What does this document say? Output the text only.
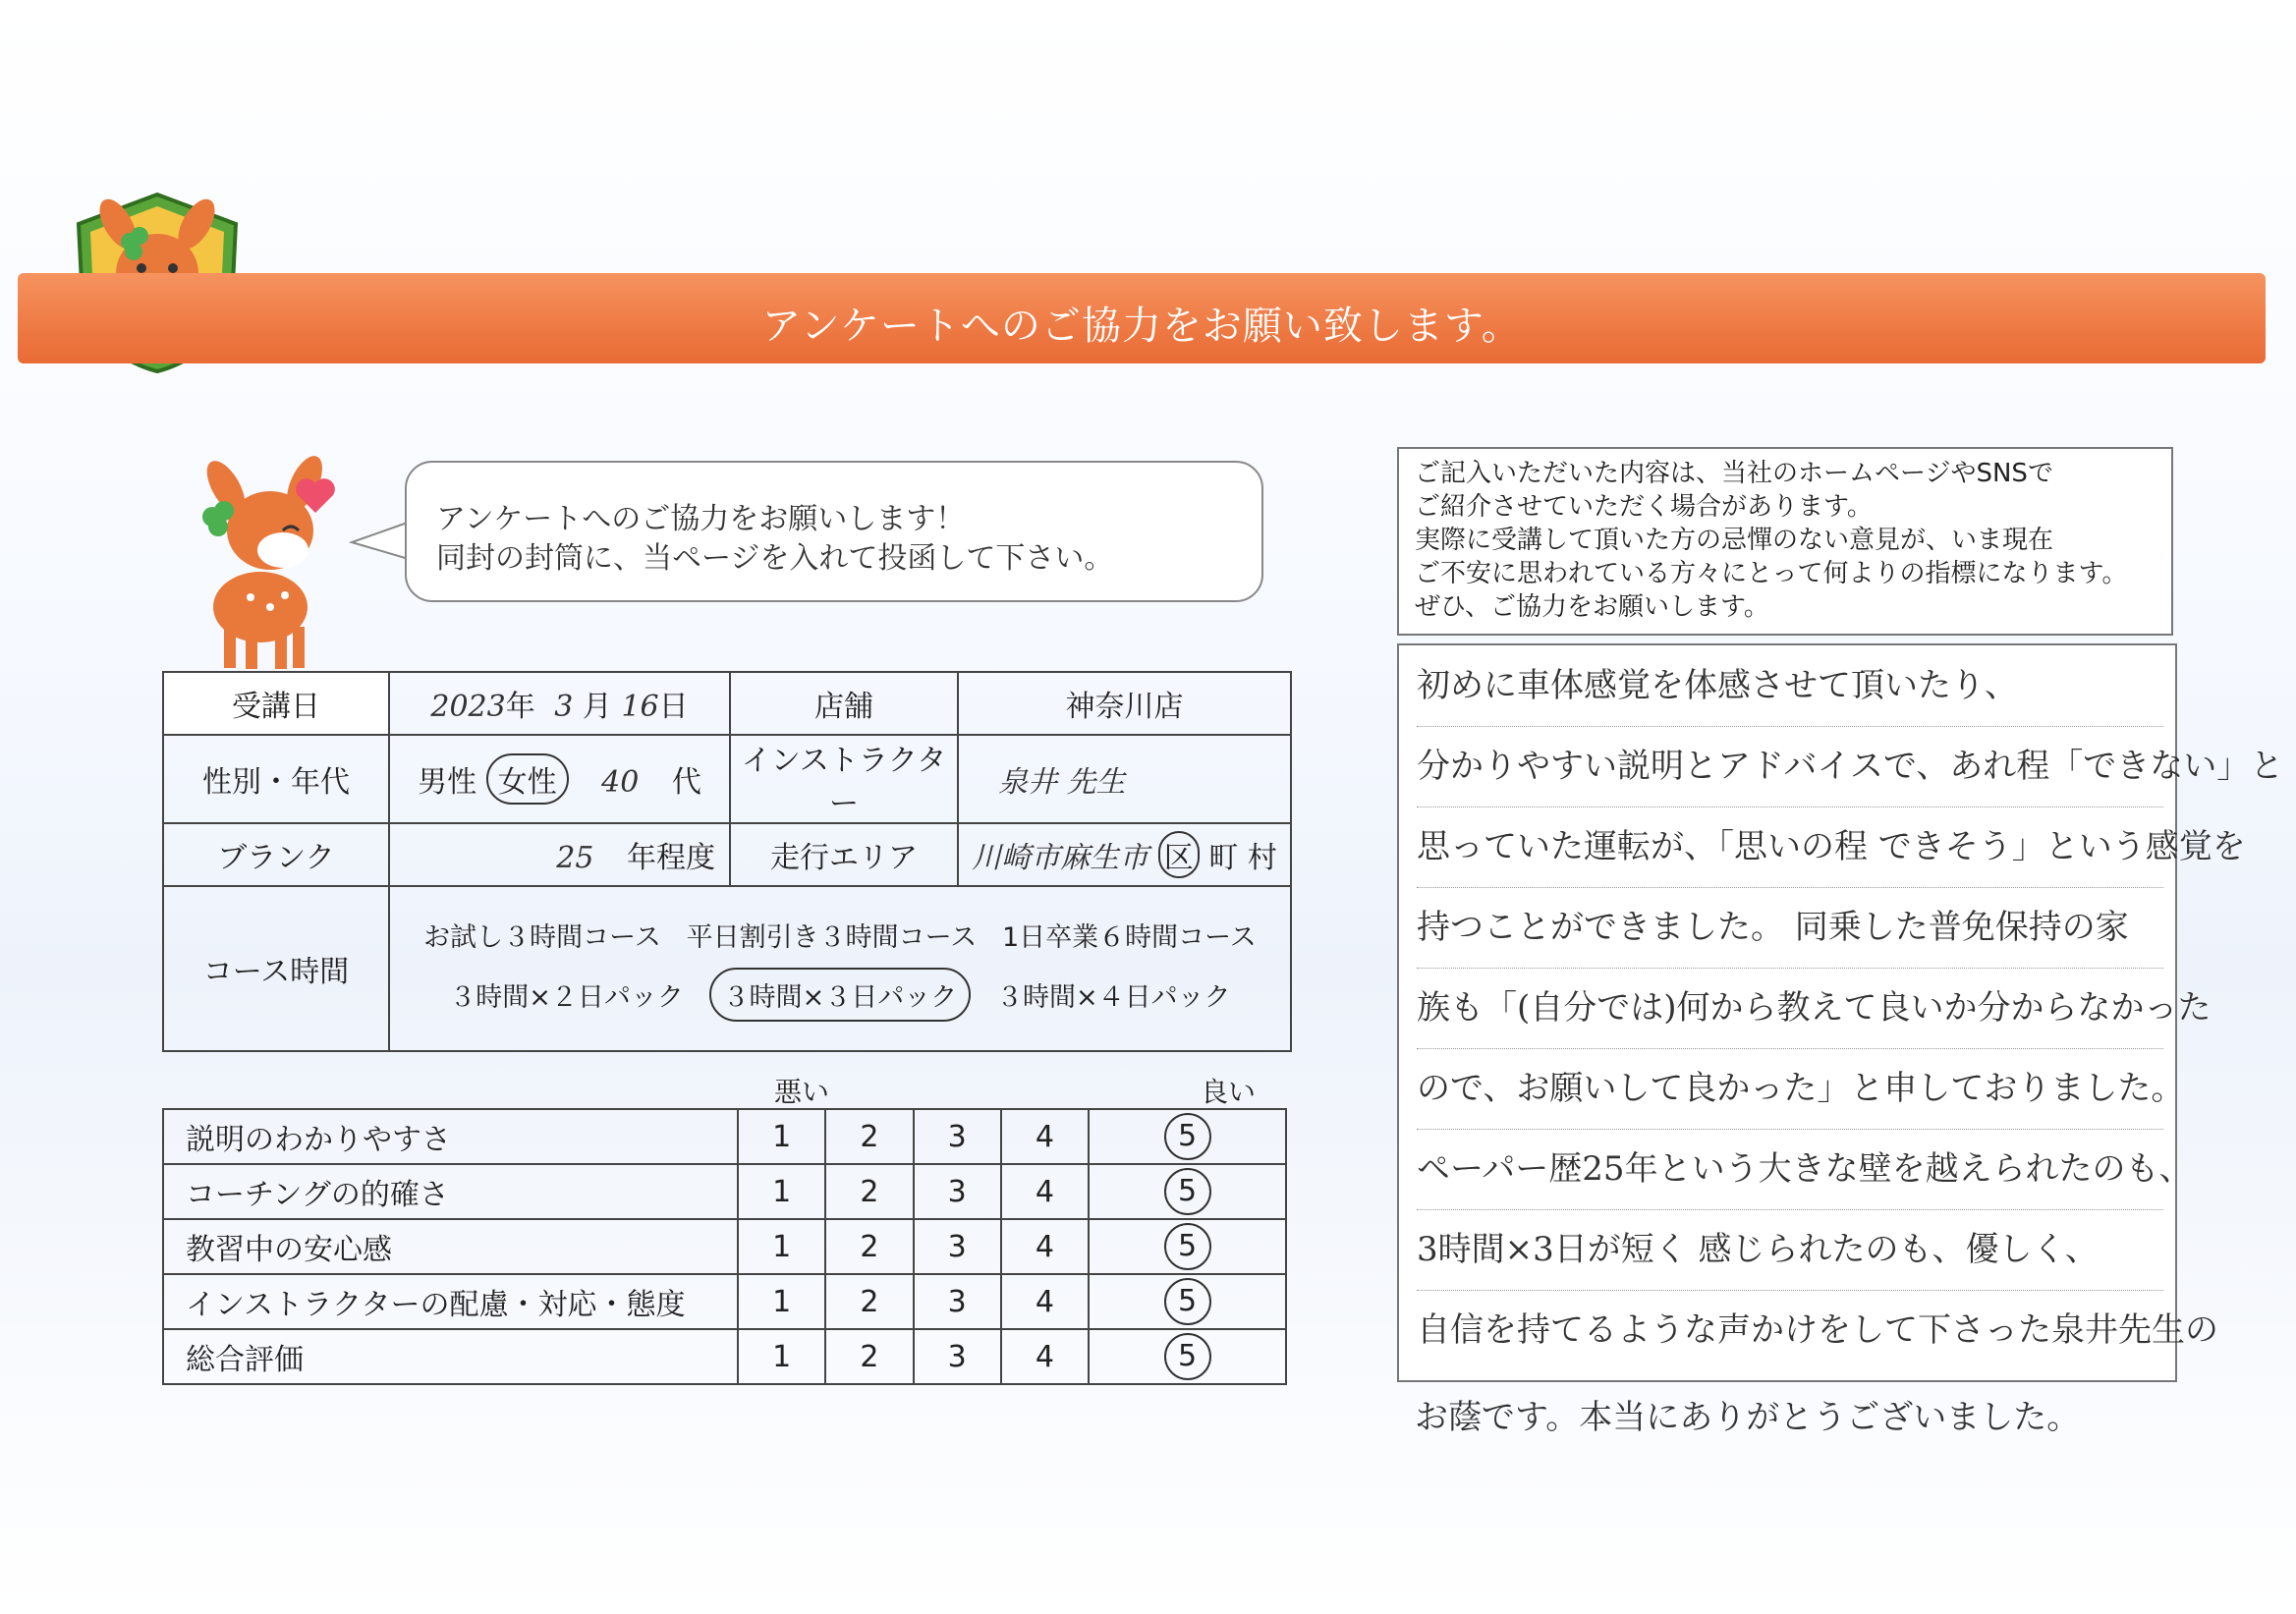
アンケートへのご協力をお願い致します。
アンケートへのご協力をお願いします！
同封の封筒に、当ページを入れて投函して下さい。
ご記入いただいた内容は、当社のホームページやSNSで
ご紹介させていただく場合があります。
実際に受講して頂いた方の忌憚のない意見が、いま現在
ご不安に思われている方々にとって何よりの指標になります。
ぜひ、ご協力をお願いします。
受講日	2023年 3 月 16日	店舗	神奈川店
性別・年代	男性 女性 40 代	インストラクター	泉井 先生
ブランク	25 年程度	走行エリア	川崎市麻生市 区 町 村
コース時間	お試し３時間コース 平日割引き３時間コース 1日卒業６時間コース
３時間×２日パック ３時間×３日パック ３時間×４日パック		
悪い	良い
説明のわかりやすさ	1	2	3	4	5
コーチングの的確さ	1	2	3	4	5
教習中の安心感	1	2	3	4	5
インストラクターの配慮・対応・態度	1	2	3	4	5
総合評価	1	2	3	4	5
初めに車体感覚を体感させて頂いたり、
分かりやすい説明とアドバイスで、あれ程「できない」と
思っていた運転が、「思いの程 できそう」という感覚を
持つことができました。 同乗した普免保持の家
族も「(自分では)何から教えて良いか分からなかった
ので、お願いして良かった」と申しておりました。
ペーパー歴25年という大きな壁を越えられたのも、
3時間×3日が短く 感じられたのも、優しく、
自信を持てるような声かけをして下さった泉井先生の
お蔭です。本当にありがとうございました。
